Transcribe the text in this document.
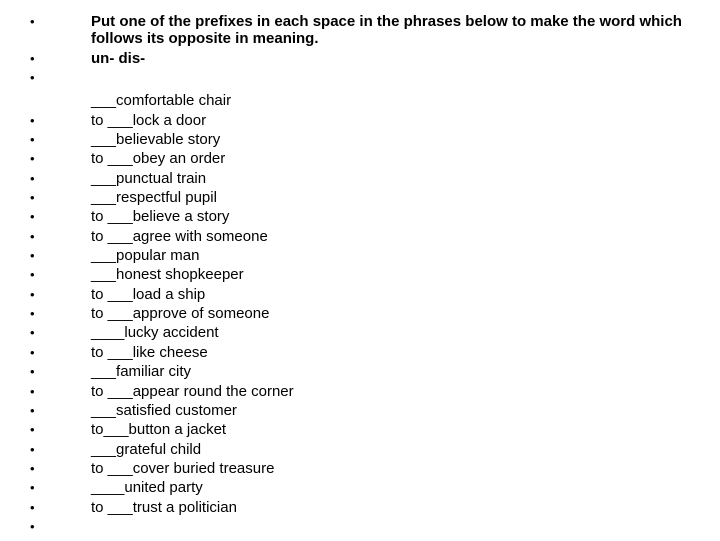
•	Put one of the prefixes in each space in the phrases below to make the word which follows its opposite in meaning.
•	un- dis-
•
___comfortable chair
•	to ___lock a door
•	___believable story
•	to ___obey an order
•	___punctual train
•	___respectful pupil
•	to ___believe a story
•	to ___agree with someone
•	___popular man
•	___honest shopkeeper
•	to ___load a ship
•	to ___approve of someone
•	____lucky accident
•	to ___like cheese
•	___familiar city
•	to ___appear round the corner
•	___satisfied customer
•	to___button a jacket
•	___grateful child
•	to ___cover buried treasure
•	____united party
•	to ___trust a politician
•
